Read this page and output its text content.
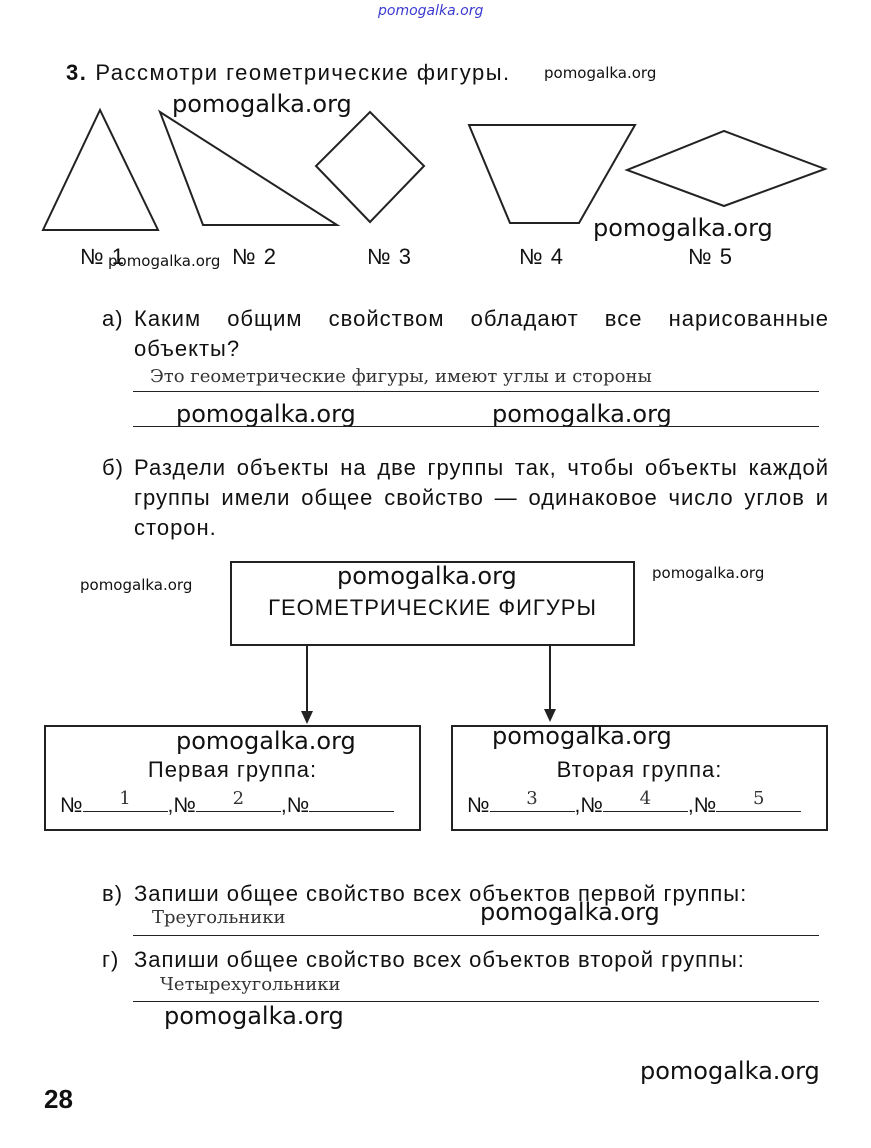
pomogalka.org
3. Рассмотри геометрические фигуры. pomogalka.org
pomogalka.org
pomogalka.org
№ 1
pomogalka.org № 2	№ 3	№ 4	№ 5
а) Каким общим свойством обладают все нарисованные объекты?
Это геометрические фигуры, имеют углы и стороны
pomogalka.org	pomogalka.org
б) Раздели объекты на две группы так, чтобы объекты каждой группы имели общее свойство — одинаковое число углов и сторон.
pomogalka.org
pomogalka.org
ГЕОМЕТРИЧЕСКИЕ ФИГУРЫ
pomogalka.org
Первая группа:
№	1	,№	2	,№
pomogalka.org
Вторая группа:
№	3	,№	4	,№	5
pomogalka.org
в) Запиши общее свойство всех объектов первой группы:
Треугольники	pomogalka.org
г) Запиши общее свойство всех объектов второй группы:
Четырехугольники
pomogalka.org
pomogalka.org
28
